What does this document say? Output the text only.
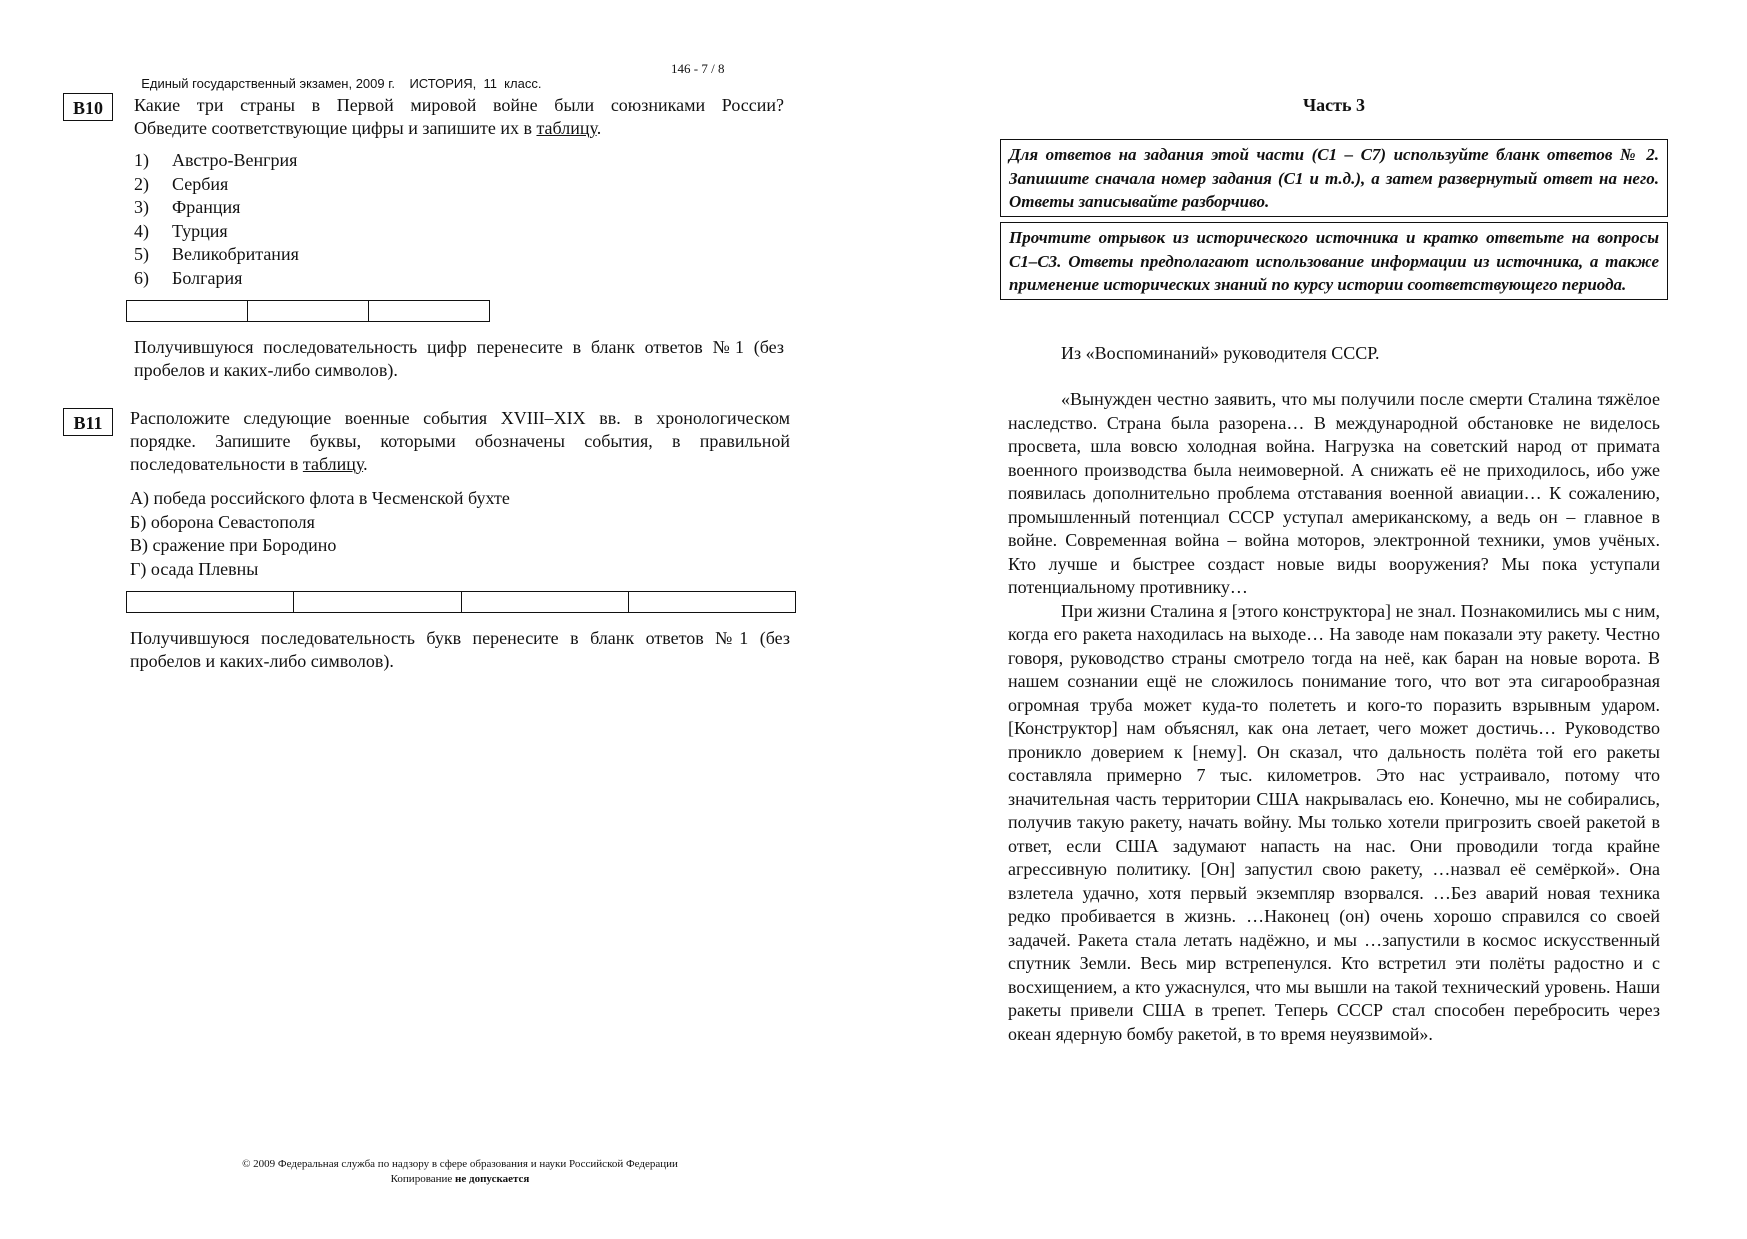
Единый государственный экзамен, 2009 г.    ИСТОРИЯ,  11  класс.

146 - 7 / 8

B10	Какие три страны в Первой мировой войне были союзниками России?
Обведите соответствующие цифры и запишите их в таблицу.
1) Австро-Венгрия
2) Сербия
3) Франция
4) Турция
5) Великобритания
6) Болгария
Получившуюся последовательность цифр перенесите в бланк ответов №1 (без пробелов и каких-либо символов).
B11	Расположите следующие военные события XVIII–XIX вв. в хронологическом порядке. Запишите буквы, которыми обозначены события, в правильной последовательности в таблицу.
А) победа российского флота в Чесменской бухте
Б) оборона Севастополя
В) сражение при Бородино
Г) осада Плевны
Получившуюся последовательность букв перенесите в бланк ответов №1 (без пробелов и каких-либо символов).
© 2009 Федеральная служба по надзору в сфере образования и науки Российской Федерации
Копирование не допускается
Часть 3
Для ответов на задания этой части (С1 – С7) используйте бланк ответов № 2. Запишите сначала номер задания (С1 и т.д.), а затем развернутый ответ на него. Ответы записывайте разборчиво.
Прочтите отрывок из исторического источника и кратко ответьте на вопросы С1–С3. Ответы предполагают использование информации из источника, а также применение исторических знаний по курсу истории соответствующего периода.
Из «Воспоминаний» руководителя СССР.

«Вынужден честно заявить, что мы получили после смерти Сталина тяжёлое наследство. Страна была разорена… В международной обстановке не виделось просвета, шла вовсю холодная война. Нагрузка на советский народ от примата военного производства была неимоверной. А снижать её не приходилось, ибо уже появилась дополнительно проблема отставания военной авиации… К сожалению, промышленный потенциал СССР уступал американскому, а ведь он – главное в войне. Современная война – война моторов, электронной техники, умов учёных. Кто лучше и быстрее создаст новые виды вооружения? Мы пока уступали потенциальному противнику…

При жизни Сталина я [этого конструктора] не знал. Познакомились мы с ним, когда его ракета находилась на выходе… На заводе нам показали эту ракету. Честно говоря, руководство страны смотрело тогда на неё, как баран на новые ворота. В нашем сознании ещё не сложилось понимание того, что вот эта сигарообразная огромная труба может куда-то полететь и кого-то поразить взрывным ударом. [Конструктор] нам объяснял, как она летает, чего может достичь… Руководство проникло доверием к [нему]. Он сказал, что дальность полёта той его ракеты составляла примерно 7 тыс. километров. Это нас устраивало, потому что значительная часть территории США накрывалась ею. Конечно, мы не собирались, получив такую ракету, начать войну. Мы только хотели пригрозить своей ракетой в ответ, если США задумают напасть на нас. Они проводили тогда крайне агрессивную политику. [Он] запустил свою ракету, …назвал её семёркой». Она взлетела удачно, хотя первый экземпляр взорвался. …Без аварий новая техника редко пробивается в жизнь. …Наконец (он) очень хорошо справился со своей задачей. Ракета стала летать надёжно, и мы …запустили в космос искусственный спутник Земли. Весь мир встрепенулся. Кто встретил эти полёты радостно и с восхищением, а кто ужаснулся, что мы вышли на такой технический уровень. Наши ракеты привели США в трепет. Теперь СССР стал способен перебросить через океан ядерную бомбу ракетой, в то время неуязвимой».
